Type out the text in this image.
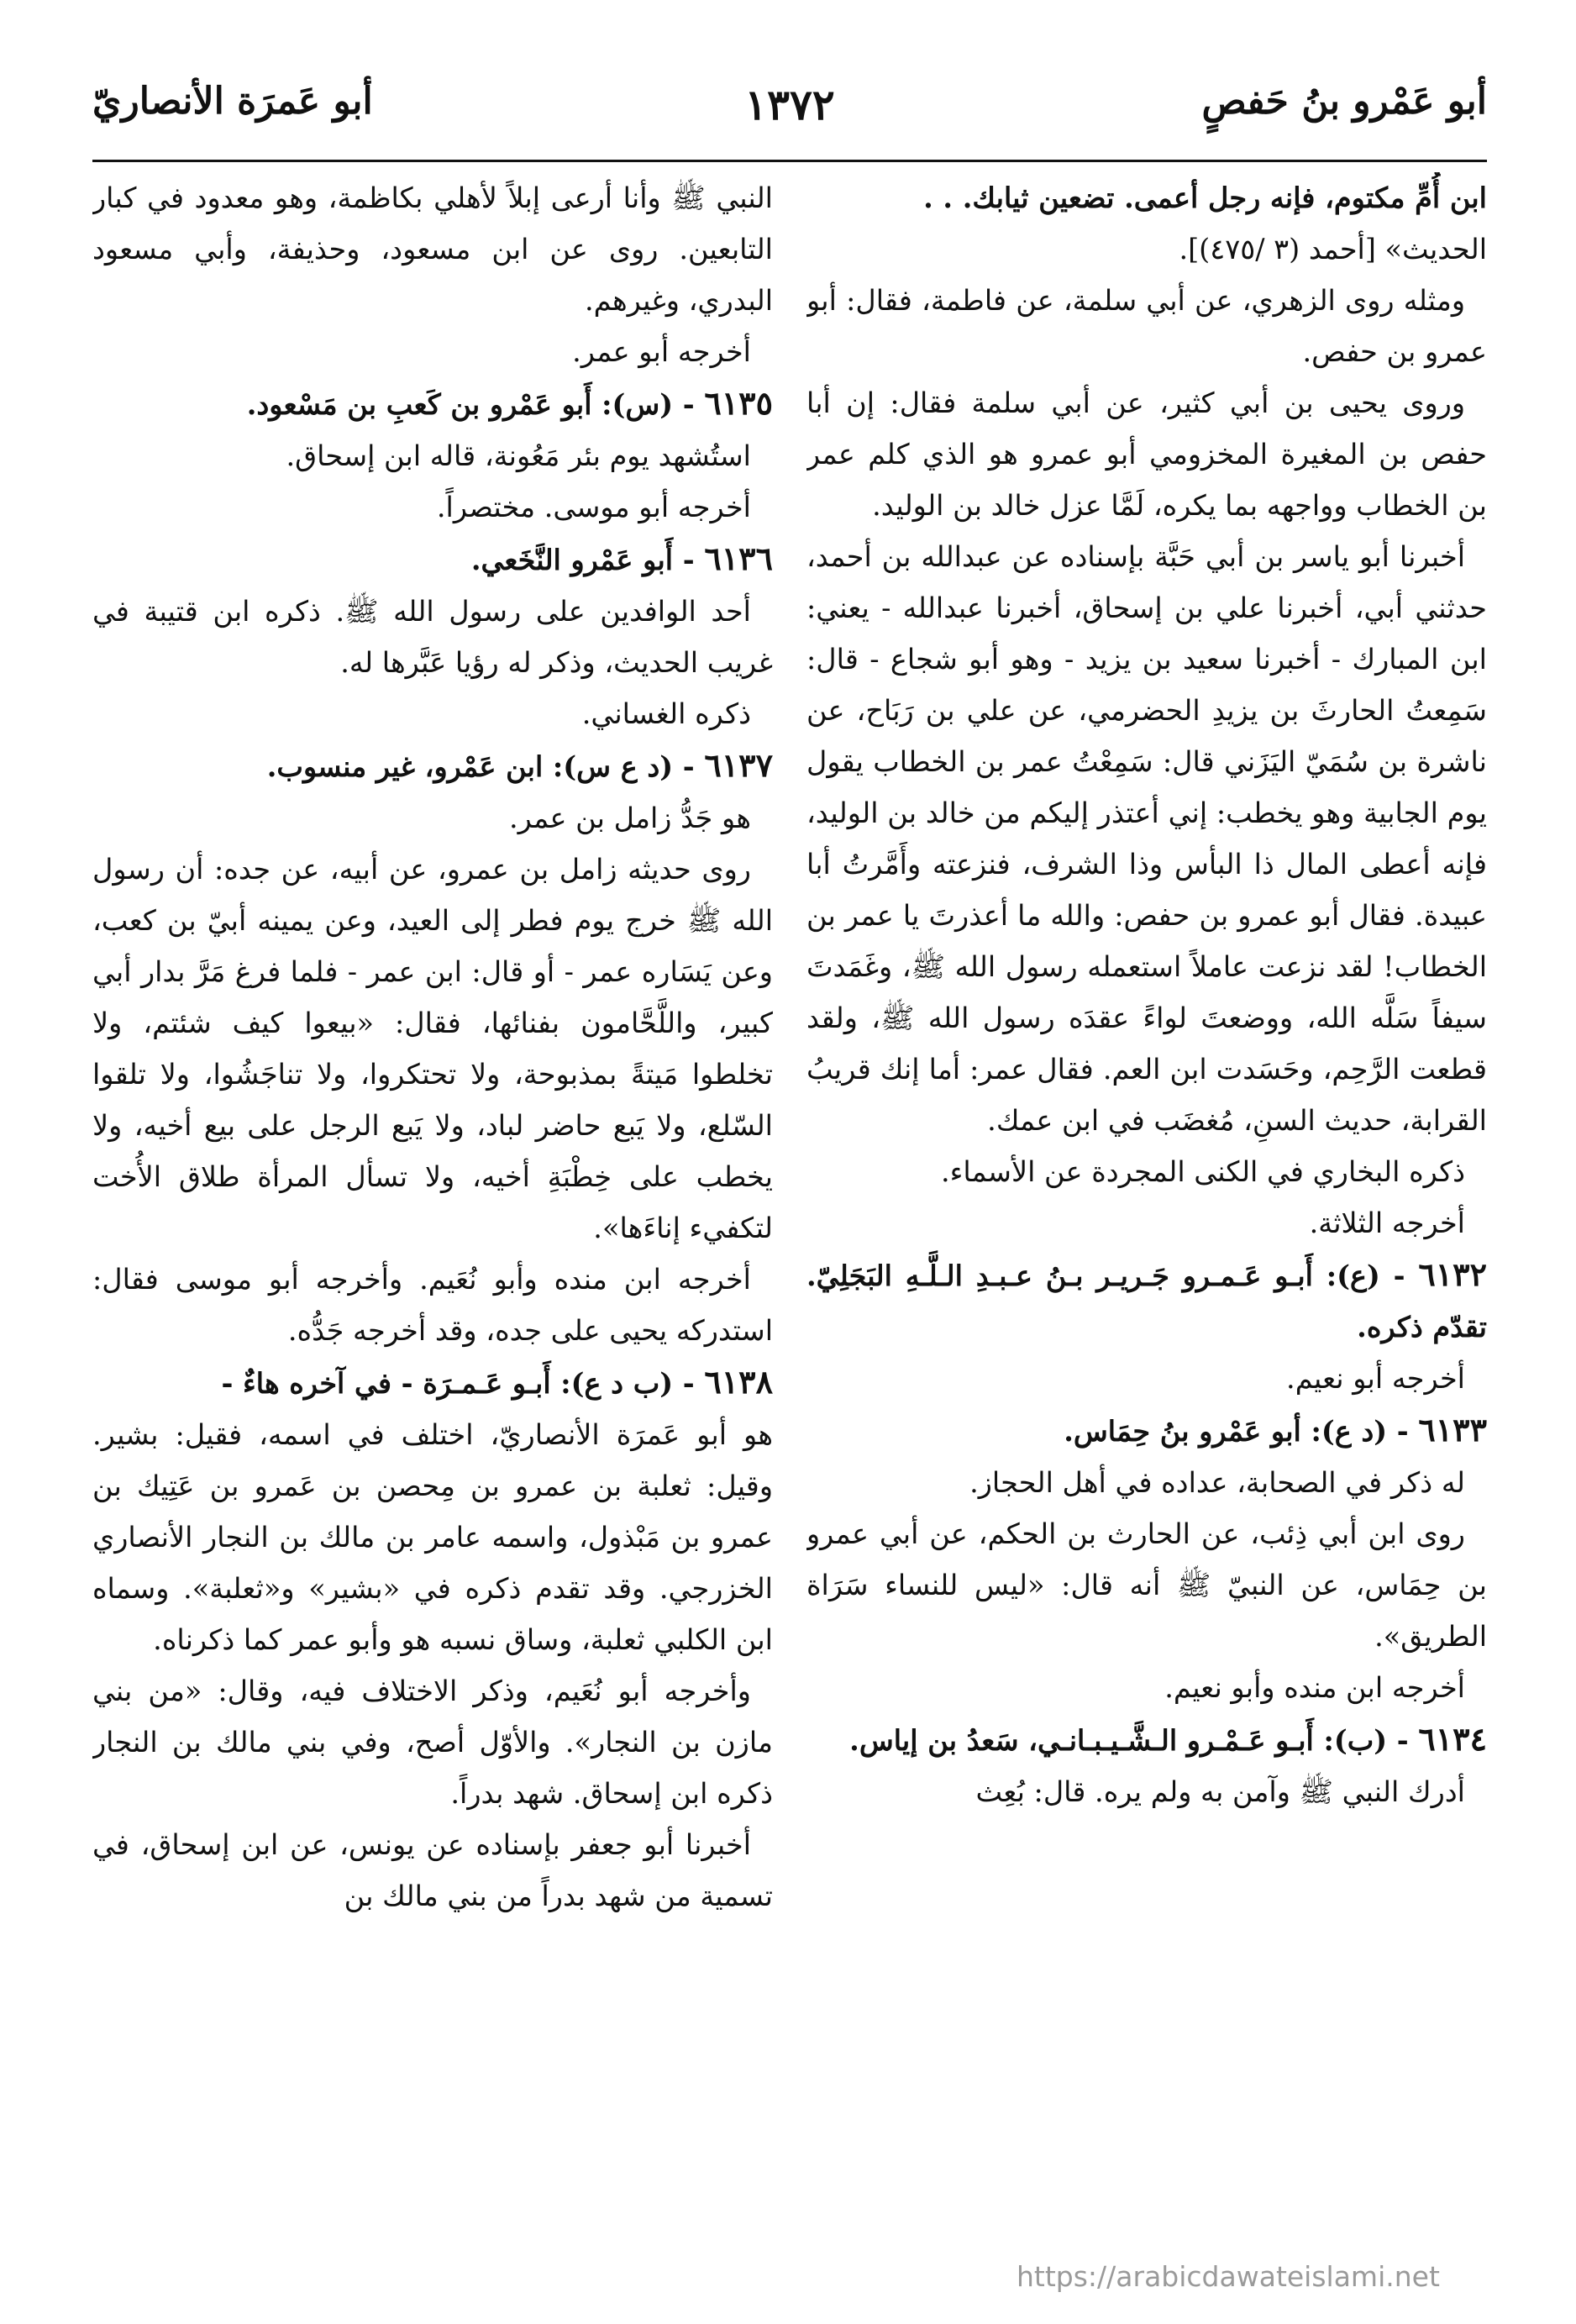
أبو عَمْرو بنُ حَفصٍ
١٣٧٢
أبو عَمرَة الأنصاريّ

ابن أُمِّ مكتوم، فإنه رجل أعمى. تضعين ثيابك. . .

الحديث» [أحمد (٣ /٤٧٥)].

ومثله روى الزهري، عن أبي سلمة، عن فاطمة، فقال: أبو عمرو بن حفص.

وروى يحيى بن أبي كثير، عن أبي سلمة فقال: إن أبا حفص بن المغيرة المخزومي أبو عمرو هو الذي كلم عمر بن الخطاب وواجهه بما يكره، لَمَّا عزل خالد بن الوليد.

أخبرنا أبو ياسر بن أبي حَبَّة بإسناده عن عبدالله بن أحمد، حدثني أبي، أخبرنا علي بن إسحاق، أخبرنا عبدالله - يعني: ابن المبارك - أخبرنا سعيد بن يزيد - وهو أبو شجاع - قال: سَمِعتُ الحارثَ بن يزيدِ الحضرمي، عن علي بن رَبَاح، عن ناشرة بن سُمَيّ اليَزَني قال: سَمِعْتُ عمر بن الخطاب يقول يوم الجابية وهو يخطب: إني أعتذر إليكم من خالد بن الوليد، فإنه أعطى المال ذا البأس وذا الشرف، فنزعته وأَمَّرتُ أبا عبيدة. فقال أبو عمرو بن حفص: والله ما أعذرتَ يا عمر بن الخطاب! لقد نزعت عاملاً استعمله رسول الله ﷺ، وغَمَدتَ سيفاً سَلَّه الله، ووضعتَ لواءً عقدَه رسول الله ﷺ، ولقد قطعت الرَّحِم، وحَسَدت ابن العم. فقال عمر: أما إنك قريبُ القرابة، حديث السنِ، مُغضَب في ابن عمك.

ذكره البخاري في الكنى المجردة عن الأسماء.

أخرجه الثلاثة.

٦١٣٢ - (ع): أَبـو عَـمـرو جَـريـر بـنُ عـبـدِ الـلَّـهِ البَجَلِيّ. تقدّم ذكره.

أخرجه أبو نعيم.

٦١٣٣ - (د ع): أبو عَمْرو بنُ حِمَاس.

له ذكر في الصحابة، عداده في أهل الحجاز.

روى ابن أبي ذِئب، عن الحارث بن الحكم، عن أبي عمرو بن حِمَاس، عن النبيّ ﷺ أنه قال: «ليس للنساء سَرَاة الطريق».

أخرجه ابن منده وأبو نعيم.

٦١٣٤ - (ب): أَبـو عَـمْـرو الـشَّـيـبـانـي، سَعدُ بن إياس.

أدرك النبي ﷺ وآمن به ولم يره. قال: بُعِث

النبي ﷺ وأنا أرعى إبلاً لأهلي بكاظمة، وهو معدود في كبار التابعين. روى عن ابن مسعود، وحذيفة، وأبي مسعود البدري، وغيرهم.

أخرجه أبو عمر.

٦١٣٥ - (س): أَبو عَمْرو بن كَعبِ بن مَسْعود.

استُشهد يوم بئر مَعُونة، قاله ابن إسحاق.

أخرجه أبو موسى. مختصراً.

٦١٣٦ - أَبو عَمْرو النَّخَعي.

أحد الوافدين على رسول الله ﷺ. ذكره ابن قتيبة في غريب الحديث، وذكر له رؤيا عَبَّرها له.

ذكره الغساني.

٦١٣٧ - (د ع س): ابن عَمْرو، غير منسوب.

هو جَدُّ زامل بن عمر.

روى حديثه زامل بن عمرو، عن أبيه، عن جده: أن رسول الله ﷺ خرج يوم فطر إلى العيد، وعن يمينه أبيّ بن كعب، وعن يَسَاره عمر - أو قال: ابن عمر - فلما فرغ مَرَّ بدار أبي كبير، واللَّحَّامون بفنائها، فقال: «بيعوا كيف شئتم، ولا تخلطوا مَيتةً بمذبوحة، ولا تحتكروا، ولا تناجَشُوا، ولا تلقوا السّلع، ولا يَبع حاضر لباد، ولا يَبع الرجل على بيع أخيه، ولا يخطب على خِطْبَةِ أخيه، ولا تسأل المرأة طلاق الأُخت لتكفيء إناءَها».

أخرجه ابن منده وأبو نُعَيم. وأخرجه أبو موسى فقال: استدركه يحيى على جده، وقد أخرجه جَدُّه.

٦١٣٨ - (ب د ع): أَبـو عَـمـرَة - في آخره هاءٌ -

هو أبو عَمرَة الأنصاريّ، اختلف في اسمه، فقيل: بشير. وقيل: ثعلبة بن عمرو بن مِحصن بن عَمرو بن عَتِيك بن عمرو بن مَبْذول، واسمه عامر بن مالك بن النجار الأنصاري الخزرجي. وقد تقدم ذكره في «بشير» و«ثعلبة». وسماه ابن الكلبي ثعلبة، وساق نسبه هو وأبو عمر كما ذكرناه.

وأخرجه أبو نُعَيم، وذكر الاختلاف فيه، وقال: «من بني مازن بن النجار». والأوّل أصح، وفي بني مالك بن النجار ذكره ابن إسحاق. شهد بدراً.

أخبرنا أبو جعفر بإسناده عن يونس، عن ابن إسحاق، في تسمية من شهد بدراً من بني مالك بن

https://arabicdawateislami.net
